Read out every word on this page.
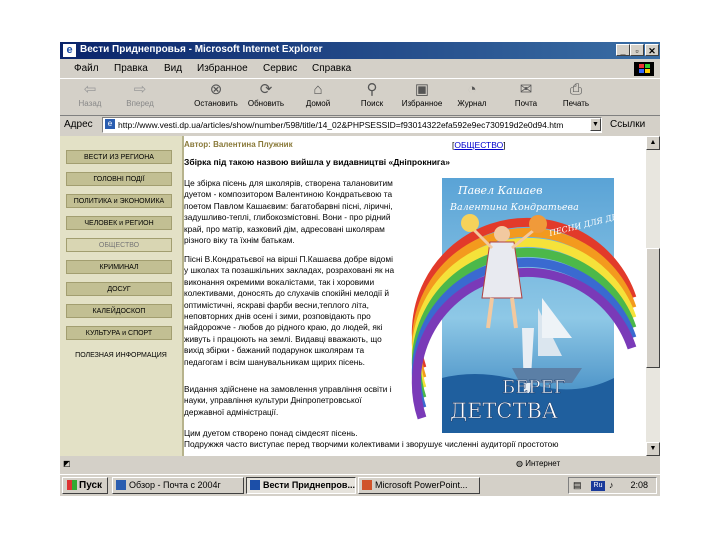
e Вести Приднепровья - Microsoft Internet Explorer	_	▫	✕
Файл Правка Вид Избранное Сервис Справка
⇦
Назад
⇨
Вперед
⊗
Остановить
⟳
Обновить
⌂
Домой
⚲
Поиск
▣
Избранное
◔
Журнал
✉
Почта
⎙
Печать
Адрес	e http://www.vesti.dp.ua/articles/show/number/598/title/14_02&PHPSESSID=f93014322efa592e9ec730919d2e0d94.htm	▼ Ссылки
ВЕСТИ ИЗ РЕГИОНА
ГОЛОВНІ ПОДІЇ
ПОЛИТИКА и ЭКОНОМИКА
ЧЕЛОВЕК и РЕГИОН
ОБЩЕСТВО
КРИМИНАЛ
ДОСУГ
КАЛЕЙДОСКОП
КУЛЬТУРА и СПОРТ
ПОЛЕЗНАЯ ИНФОРМАЦИЯ
Автор: Валентина Плужник	[ОБЩЕСТВО]
Збірка під такою назвою вийшла у видавництві «Дніпрокнига»
Це збірка пісень для школярів, створена талановитим
дуетом - композитором Валентиною Кондратьєвою та
поетом Павлом Кашаєвим: багатобарвні пісні, ліричні,
задушливо-теплі, глибокозмістовні. Вони - про рідний
край, про матір, казковий дім, адресовані школярам
різного віку та їхнім батькам.
Пісні В.Кондратьєвої на вірші П.Кашаєва добре відомі
у школах та позашкільних закладах, розраховані як на
виконання окремими вокалістами, так і хоровими
колективами, доносять до слухачів спокійні мелодії й
оптимістичні, яскраві фарби весни,теплого літа,
неповторних днів осені і зими, розповідають про
найдорожче - любов до рідного краю, до людей, які
живуть і працюють на землі. Видавці вважають, що
вихід збірки - бажаний подарунок школярам та
педагогам і всім шанувальникам щирих пісень.
Видання здійснене на замовлення управління освіти і
науки, управління культури Дніпропетровської
державної адміністрації.
Цим дуетом створено понад сімдесят пісень.
Подружжя часто виступає перед творчими колективами і зворушує численні аудиторії простотою
Павел Кашаев
Валентина Кондратьева
ПЕСНИ ДЛЯ ДЕТЕЙ
БЕРЕГ
ДЕТСТВА
▲
▼
◩	◍ Интернет
Пуск	Обзор - Почта с 2004г	Вести Приднепров...	Microsoft PowerPoint...	▤	Ru ♪ 2:08
